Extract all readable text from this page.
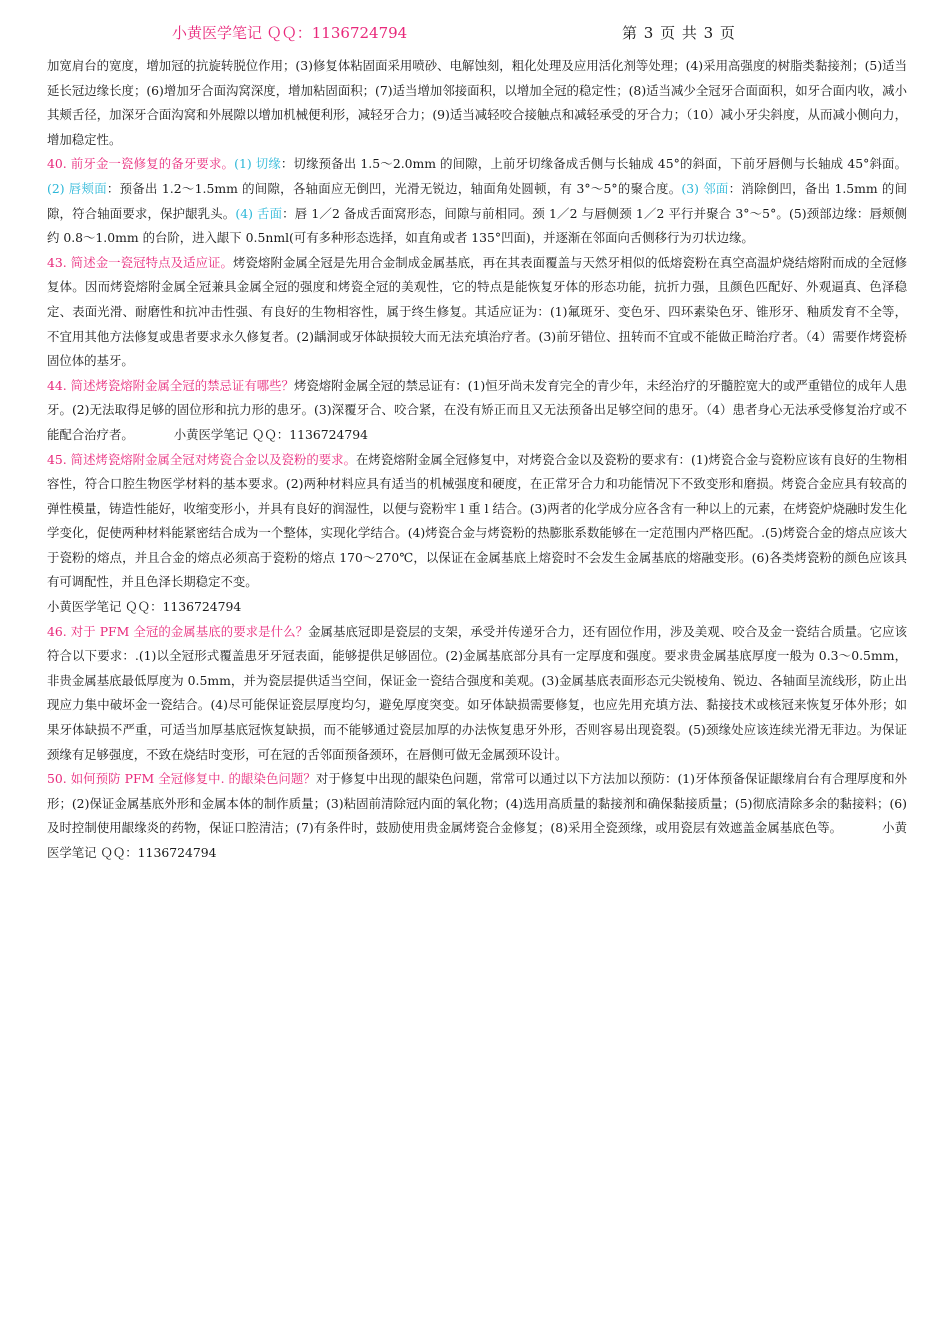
小黄医学笔记 ＱＱ：1136724794	第 3 页 共 3 页

加宽肩台的宽度，增加冠的抗旋转脱位作用；(3)修复体粘固面采用喷砂、电解蚀刻，粗化处理及应用活化剂等处理；(4)采用高强度的树脂类黏接剂；(5)适当延长冠边缘长度；(6)增加牙合面沟窝深度，增加粘固面积；(7)适当增加邻接面积，以增加全冠的稳定性；(8)适当减少全冠牙合面面积，如牙合面内收，减小其颊舌径，加深牙合面沟窝和外展隙以增加机械便利形，减轻牙合力；(9)适当减轻咬合接触点和减轻承受的牙合力；（10）减小牙尖斜度，从而减小侧向力，增加稳定性。

40. 前牙金一瓷修复的备牙要求。(1) 切缘：切缘预备出 1.5～2.0mm 的间隙，上前牙切缘备成舌侧与长轴成 45°的斜面，下前牙唇侧与长轴成 45°斜面。(2) 唇颊面：预备出 1.2～1.5mm 的间隙，各轴面应无倒凹，光滑无锐边，轴面角处圆顿，有 3°～5°的聚合度。(3) 邻面：消除倒凹，备出 1.5mm 的间隙，符合轴面要求，保护龈乳头。(4) 舌面：唇 1／2 备成舌面窝形态，间隙与前相同。颈 1／2 与唇侧颈 1／2 平行并聚合 3°～5°。(5)颈部边缘：唇颊侧约 0.8～1.0mm 的台阶，进入龈下 0.5nml(可有多种形态选择，如直角或者 135°凹面)，并逐渐在邻面向舌侧移行为刃状边缘。

43. 简述金一瓷冠特点及适应证。烤瓷熔附金属全冠是先用合金制成金属基底，再在其表面覆盖与天然牙相似的低熔瓷粉在真空高温炉烧结熔附而成的全冠修复体。因而烤瓷熔附金属全冠兼具金属全冠的强度和烤瓷全冠的美观性，它的特点是能恢复牙体的形态功能，抗折力强，且颜色匹配好、外观逼真、色泽稳定、表面光滑、耐磨性和抗冲击性强、有良好的生物相容性，属于终生修复。其适应证为：(1)氟斑牙、变色牙、四环素染色牙、锥形牙、釉质发育不全等，不宜用其他方法修复或患者要求永久修复者。(2)龋洞或牙体缺损较大而无法充填治疗者。(3)前牙错位、扭转而不宜或不能做正畸治疗者。（4）需要作烤瓷桥固位体的基牙。

44. 简述烤瓷熔附金属全冠的禁忌证有哪些？烤瓷熔附金属全冠的禁忌证有：(1)恒牙尚未发育完全的青少年，未经治疗的牙髓腔宽大的或严重错位的成年人患牙。(2)无法取得足够的固位形和抗力形的患牙。(3)深覆牙合、咬合紧，在没有矫正而且又无法预备出足够空间的患牙。（4）患者身心无法承受修复治疗或不能配合治疗者。	小黄医学笔记 ＱＱ：1136724794

45. 简述烤瓷熔附金属全冠对烤瓷合金以及瓷粉的要求。在烤瓷熔附金属全冠修复中，对烤瓷合金以及瓷粉的要求有：(1)烤瓷合金与瓷粉应该有良好的生物相容性，符合口腔生物医学材料的基本要求。(2)两种材料应具有适当的机械强度和硬度，在正常牙合力和功能情况下不致变形和磨损。烤瓷合金应具有较高的弹性模量，铸造性能好，收缩变形小，并具有良好的润湿性，以便与瓷粉牢 l 重 l 结合。(3)两者的化学成分应各含有一种以上的元素，在烤瓷炉烧融时发生化学变化，促使两种材料能紧密结合成为一个整体，实现化学结合。(4)烤瓷合金与烤瓷粉的热膨胀系数能够在一定范围内严格匹配。.(5)烤瓷合金的熔点应该大于瓷粉的熔点，并且合金的熔点必须高于瓷粉的熔点 170～270℃，以保证在金属基底上熔瓷时不会发生金属基底的熔融变形。(6)各类烤瓷粉的颜色应该具有可调配性，并且色泽长期稳定不变。

小黄医学笔记 ＱＱ：1136724794

46. 对于 PFM 全冠的金属基底的要求是什么？金属基底冠即是瓷层的支架，承受并传递牙合力，还有固位作用，涉及美观、咬合及金一瓷结合质量。它应该符合以下要求：.(1)以全冠形式覆盖患牙牙冠表面，能够提供足够固位。(2)金属基底部分具有一定厚度和强度。要求贵金属基底厚度一般为 0.3～0.5mm，非贵金属基底最低厚度为 0.5mm，并为瓷层提供适当空间，保证金一瓷结合强度和美观。(3)金属基底表面形态元尖锐棱角、锐边、各轴面呈流线形，防止出现应力集中破坏金一瓷结合。(4)尽可能保证瓷层厚度均匀，避免厚度突变。如牙体缺损需要修复，也应先用充填方法、黏接技术或核冠来恢复牙体外形；如果牙体缺损不严重，可适当加厚基底冠恢复缺损，而不能够通过瓷层加厚的办法恢复患牙外形，否则容易出现瓷裂。(5)颈缘处应该连续光滑无菲边。为保证颈缘有足够强度，不致在烧结时变形，可在冠的舌邻面预备颈环，在唇侧可做无金属颈环设计。

50. 如何预防 PFM 全冠修复中. 的龈染色问题？对于修复中出现的龈染色问题，常常可以通过以下方法加以预防：(1)牙体预备保证龈缘肩台有合理厚度和外形；(2)保证金属基底外形和金属本体的制作质量；(3)粘固前清除冠内面的氧化物；(4)选用高质量的黏接剂和确保黏接质量；(5)彻底清除多余的黏接料；(6)及时控制使用龈缘炎的药物，保证口腔清洁；(7)有条件时，鼓励使用贵金属烤瓷合金修复；(8)采用全瓷颈缘，或用瓷层有效遮盖金属基底色等。	小黄医学笔记 ＱＱ：1136724794
